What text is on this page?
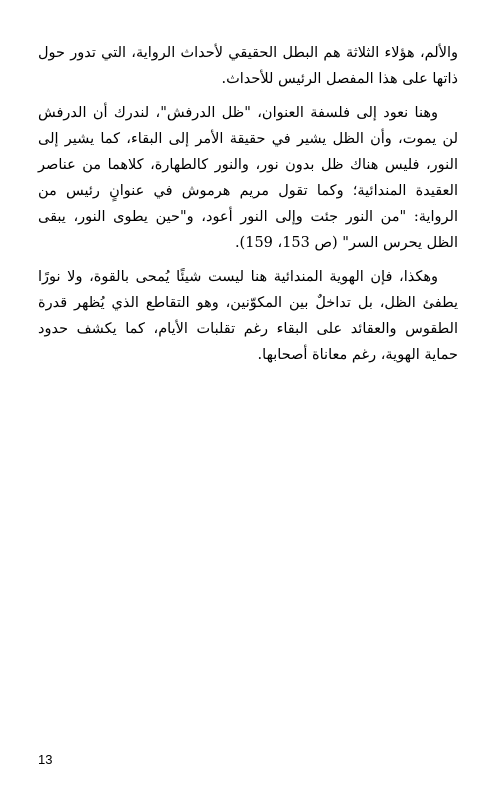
والألم، هؤلاء الثلاثة هم البطل الحقيقي لأحداث الرواية، التي تدور حول ذاتها على هذا المفصل الرئيس للأحداث.

وهنا نعود إلى فلسفة العنوان، "ظل الدرفش"، لندرك أن الدرفش لن يموت، وأن الظل يشير في حقيقة الأمر إلى البقاء، كما يشير إلى النور، فليس هناك ظل بدون نور، والنور كالطهارة، كلاهما من عناصر العقيدة المندائية؛ وكما تقول مريم هرموش في عنوانٍ رئيس من الرواية: "من النور جئت وإلى النور أعود، و"حين يطوى النور، يبقى الظل يحرس السر" (ص 153، 159).

وهكذا، فإن الهوية المندائية هنا ليست شيئًا يُمحى بالقوة، ولا نورًا يطفئ الظل، بل تداخلٌ بين المكوّنين، وهو التقاطع الذي يُظهر قدرة الطقوس والعقائد على البقاء رغم تقلبات الأيام، كما يكشف حدود حماية الهوية، رغم معاناة أصحابها.

13
